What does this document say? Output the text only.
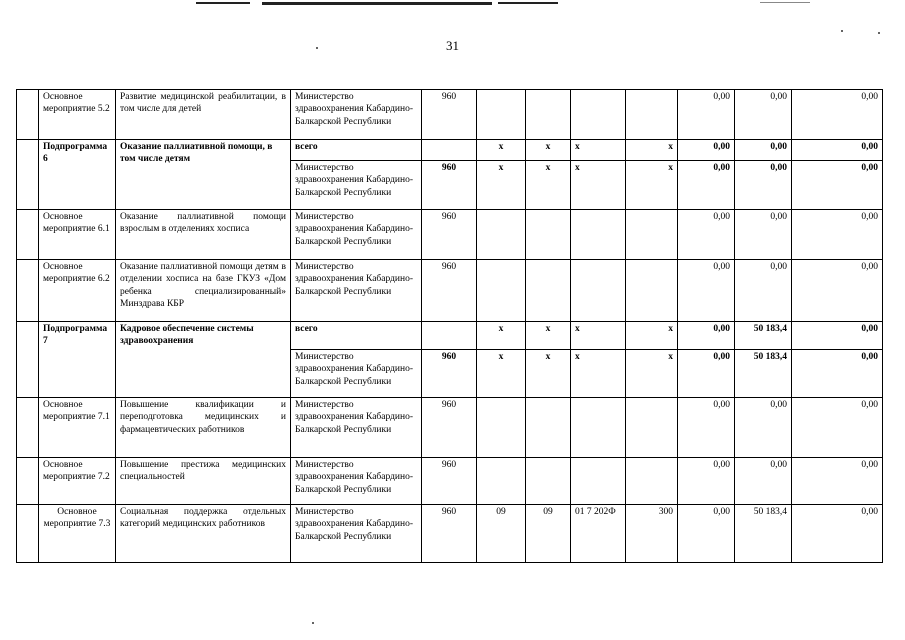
31
	Основное мероприятие 5.2	Развитие медицинской реабилитации, в том числе для детей	Министерство здравоохранения Кабардино-Балкарской Республики	960					0,00	0,00	0,00
	Подпрограмма 6	Оказание паллиативной помощи, в том числе детям	всего		x	x	x	x	0,00	0,00	0,00
			Министерство здравоохранения Кабардино-Балкарской Республики	960	x	x	x	x	0,00	0,00	0,00
	Основное мероприятие 6.1	Оказание паллиативной помощи взрослым в отделениях хосписа	Министерство здравоохранения Кабардино-Балкарской Республики	960					0,00	0,00	0,00
	Основное мероприятие 6.2	Оказание паллиативной помощи детям в отделении хосписа на базе ГКУЗ «Дом ребенка специализированный» Минздрава КБР	Министерство здравоохранения Кабардино-Балкарской Республики	960					0,00	0,00	0,00
	Подпрограмма 7	Кадровое обеспечение системы здравоохранения	всего		x	x	x	x	0,00	50 183,4	0,00
			Министерство здравоохранения Кабардино-Балкарской Республики	960	x	x	x	x	0,00	50 183,4	0,00
	Основное мероприятие 7.1	Повышение квалификации и переподготовка медицинских и фармацевтических работников	Министерство здравоохранения Кабардино-Балкарской Республики	960					0,00	0,00	0,00
	Основное мероприятие 7.2	Повышение престижа медицинских специальностей	Министерство здравоохранения Кабардино-Балкарской Республики	960					0,00	0,00	0,00
	Основное мероприятие 7.3	Социальная поддержка отдельных категорий медицинских работников	Министерство здравоохранения Кабардино-Балкарской Республики	960	09	09	01 7 202Ф	300	0,00	50 183,4	0,00
